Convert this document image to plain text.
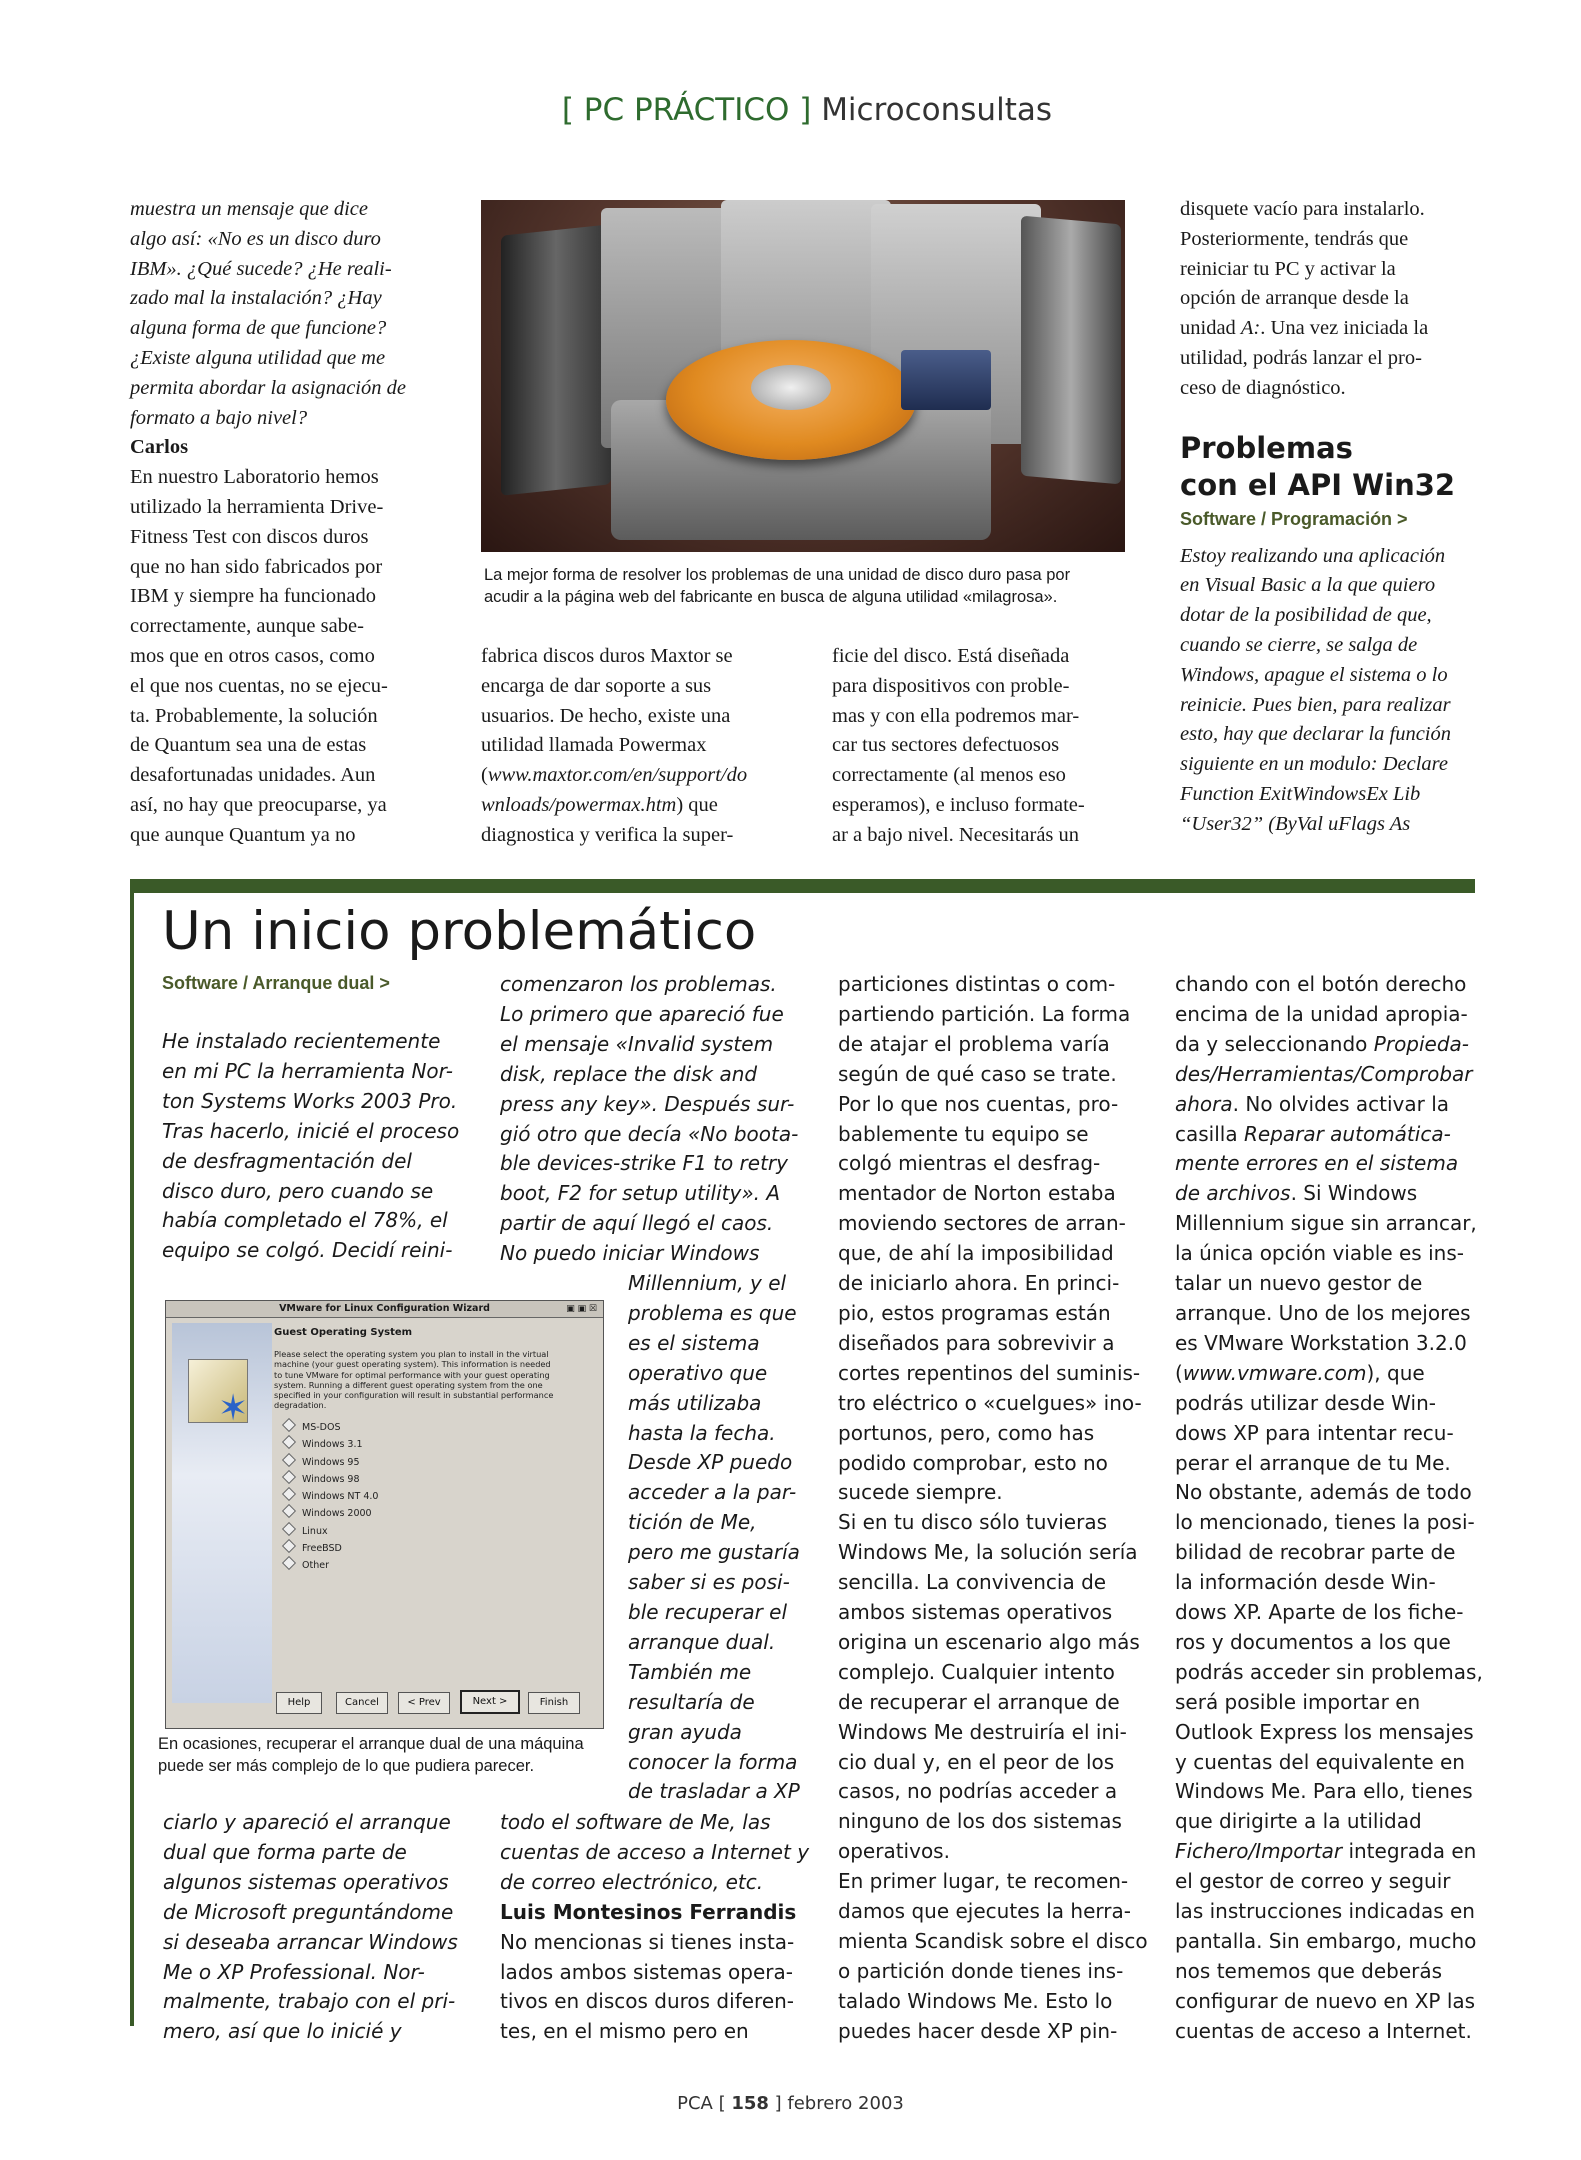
[ PC PRÁCTICO ] Microconsultas
muestra un mensaje que dice
algo así: «No es un disco duro
IBM». ¿Qué sucede? ¿He reali-
zado mal la instalación? ¿Hay
alguna forma de que funcione?
¿Existe alguna utilidad que me
permita abordar la asignación de
formato a bajo nivel?
Carlos
En nuestro Laboratorio hemos
utilizado la herramienta Drive-
Fitness Test con discos duros
que no han sido fabricados por
IBM y siempre ha funcionado
correctamente, aunque sabe-
mos que en otros casos, como
el que nos cuentas, no se ejecu-
ta. Probablemente, la solución
de Quantum sea una de estas
desafortunadas unidades. Aun
así, no hay que preocuparse, ya
que aunque Quantum ya no
La mejor forma de resolver los problemas de una unidad de disco duro pasa por
acudir a la página web del fabricante en busca de alguna utilidad «milagrosa».
fabrica discos duros Maxtor se
encarga de dar soporte a sus
usuarios. De hecho, existe una
utilidad llamada Powermax
(www.maxtor.com/en/support/do
wnloads/powermax.htm) que
diagnostica y verifica la super-
ficie del disco. Está diseñada
para dispositivos con proble-
mas y con ella podremos mar-
car tus sectores defectuosos
correctamente (al menos eso
esperamos), e incluso formate-
ar a bajo nivel. Necesitarás un
disquete vacío para instalarlo.
Posteriormente, tendrás que
reiniciar tu PC y activar la
opción de arranque desde la
unidad A:. Una vez iniciada la
utilidad, podrás lanzar el pro-
ceso de diagnóstico.
Problemas
con el API Win32
Software / Programación >
Estoy realizando una aplicación
en Visual Basic a la que quiero
dotar de la posibilidad de que,
cuando se cierre, se salga de
Windows, apague el sistema o lo
reinicie. Pues bien, para realizar
esto, hay que declarar la función
siguiente en un modulo: Declare
Function ExitWindowsEx Lib
“User32” (ByVal uFlags As
Un inicio problemático
Software / Arranque dual >
He instalado recientemente
en mi PC la herramienta Nor-
ton Systems Works 2003 Pro.
Tras hacerlo, inicié el proceso
de desfragmentación del
disco duro, pero cuando se
había completado el 78%, el
equipo se colgó. Decidí reini-
VMware for Linux Configuration Wizard	▣ ▣ ☒
✶
Guest Operating System
Please select the operating system you plan to install in the virtual
machine (your guest operating system). This information is needed
to tune VMware for optimal performance with your guest operating
system. Running a different guest operating system from the one
specified in your configuration will result in substantial performance
degradation.
MS-DOS
Windows 3.1
Windows 95
Windows 98
Windows NT 4.0
Windows 2000
Linux
FreeBSD
Other
Help	Cancel	< Prev	Next >	Finish
En ocasiones, recuperar el arranque dual de una máquina
puede ser más complejo de lo que pudiera parecer.
ciarlo y apareció el arranque
dual que forma parte de
algunos sistemas operativos
de Microsoft preguntándome
si deseaba arrancar Windows
Me o XP Professional. Nor-
malmente, trabajo con el pri-
mero, así que lo inicié y
comenzaron los problemas.
Lo primero que apareció fue
el mensaje «Invalid system
disk, replace the disk and
press any key». Después sur-
gió otro que decía «No boota-
ble devices-strike F1 to retry
boot, F2 for setup utility». A
partir de aquí llegó el caos.
No puedo iniciar Windows
Millennium, y el
problema es que
es el sistema
operativo que
más utilizaba
hasta la fecha.
Desde XP puedo
acceder a la par-
tición de Me,
pero me gustaría
saber si es posi-
ble recuperar el
arranque dual.
También me
resultaría de
gran ayuda
conocer la forma
de trasladar a XP
todo el software de Me, las
cuentas de acceso a Internet y
de correo electrónico, etc.
Luis Montesinos Ferrandis
No mencionas si tienes insta-
lados ambos sistemas opera-
tivos en discos duros diferen-
tes, en el mismo pero en
particiones distintas o com-
partiendo partición. La forma
de atajar el problema varía
según de qué caso se trate.
Por lo que nos cuentas, pro-
bablemente tu equipo se
colgó mientras el desfrag-
mentador de Norton estaba
moviendo sectores de arran-
que, de ahí la imposibilidad
de iniciarlo ahora. En princi-
pio, estos programas están
diseñados para sobrevivir a
cortes repentinos del suminis-
tro eléctrico o «cuelgues» ino-
portunos, pero, como has
podido comprobar, esto no
sucede siempre.
Si en tu disco sólo tuvieras
Windows Me, la solución sería
sencilla. La convivencia de
ambos sistemas operativos
origina un escenario algo más
complejo. Cualquier intento
de recuperar el arranque de
Windows Me destruiría el ini-
cio dual y, en el peor de los
casos, no podrías acceder a
ninguno de los dos sistemas
operativos.
En primer lugar, te recomen-
damos que ejecutes la herra-
mienta Scandisk sobre el disco
o partición donde tienes ins-
talado Windows Me. Esto lo
puedes hacer desde XP pin-
chando con el botón derecho
encima de la unidad apropia-
da y seleccionando Propieda-
des/Herramientas/Comprobar
ahora. No olvides activar la
casilla Reparar automática-
mente errores en el sistema
de archivos. Si Windows
Millennium sigue sin arrancar,
la única opción viable es ins-
talar un nuevo gestor de
arranque. Uno de los mejores
es VMware Workstation 3.2.0
(www.vmware.com), que
podrás utilizar desde Win-
dows XP para intentar recu-
perar el arranque de tu Me.
No obstante, además de todo
lo mencionado, tienes la posi-
bilidad de recobrar parte de
la información desde Win-
dows XP. Aparte de los fiche-
ros y documentos a los que
podrás acceder sin problemas,
será posible importar en
Outlook Express los mensajes
y cuentas del equivalente en
Windows Me. Para ello, tienes
que dirigirte a la utilidad
Fichero/Importar integrada en
el gestor de correo y seguir
las instrucciones indicadas en
pantalla. Sin embargo, mucho
nos tememos que deberás
configurar de nuevo en XP las
cuentas de acceso a Internet.
PCA [ 158 ] febrero 2003
